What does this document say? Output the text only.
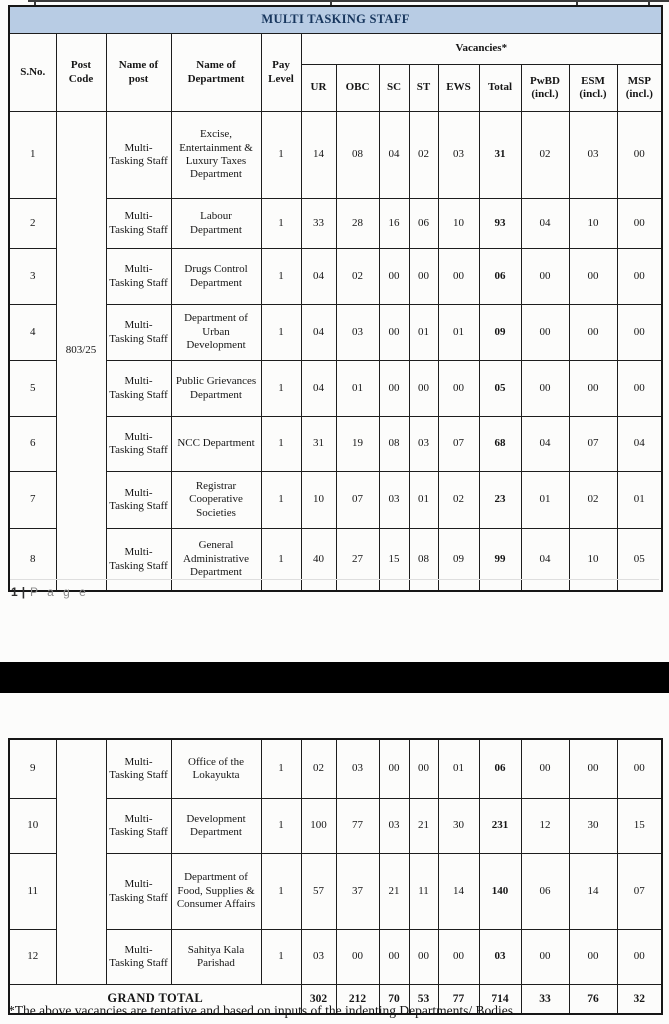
MULTI TASKING STAFF													
S.No.	Post Code	Name of post	Name of Department	Pay Level	Vacancies*								
					UR	OBC	SC	ST	EWS	Total	PwBD (incl.)	ESM (incl.)	MSP (incl.)
1	803/25	Multi-Tasking Staff	Excise, Entertainment & Luxury Taxes Department	1	14	08	04	02	03	31	02	03	00
2		Multi-Tasking Staff	Labour Department	1	33	28	16	06	10	93	04	10	00
3		Multi-Tasking Staff	Drugs Control Department	1	04	02	00	00	00	06	00	00	00
4		Multi-Tasking Staff	Department of Urban Development	1	04	03	00	01	01	09	00	00	00
5		Multi-Tasking Staff	Public Grievances Department	1	04	01	00	00	00	05	00	00	00
6		Multi-Tasking Staff	NCC Department	1	31	19	08	03	07	68	04	07	04
7		Multi-Tasking Staff	Registrar Cooperative Societies	1	10	07	03	01	02	23	01	02	01
8		Multi-Tasking Staff	General Administrative Department	1	40	27	15	08	09	99	04	10	05
1 | P a g e
9		Multi-Tasking Staff	Office of the Lokayukta	1	02	03	00	00	01	06	00	00	00
10		Multi-Tasking Staff	Development Department	1	100	77	03	21	30	231	12	30	15
11		Multi-Tasking Staff	Department of Food, Supplies & Consumer Affairs	1	57	37	21	11	14	140	06	14	07
12		Multi-Tasking Staff	Sahitya Kala Parishad	1	03	00	00	00	00	03	00	00	00
GRAND TOTAL					302	212	70	53	77	714	33	76	32
*The above vacancies are tentative and based on inputs of the indenting Departments/ Bodies.
